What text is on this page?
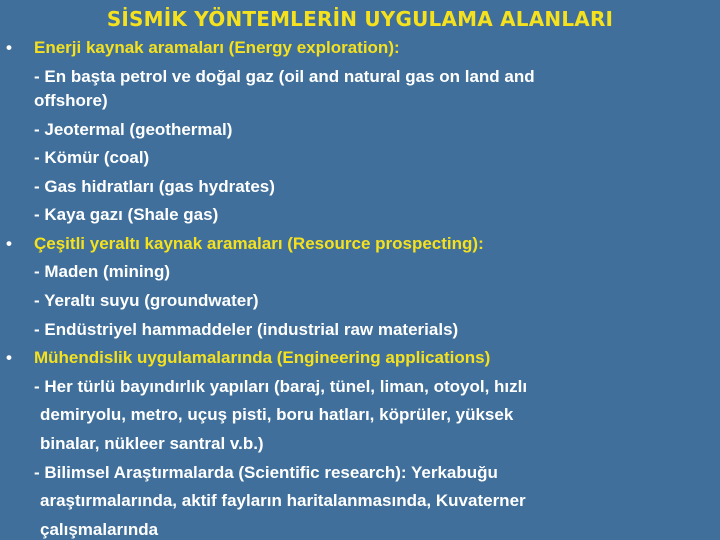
SİSMİK YÖNTEMLERİN UYGULAMA ALANLARI
• Enerji kaynak aramaları (Energy exploration):
- En başta petrol ve doğal gaz (oil and natural gas on land and
offshore)
- Jeotermal (geothermal)
- Kömür (coal)
- Gas hidratları (gas hydrates)
- Kaya gazı (Shale gas)
• Çeşitli yeraltı kaynak aramaları (Resource prospecting):
- Maden (mining)
- Yeraltı suyu (groundwater)
- Endüstriyel hammaddeler (industrial raw materials)
• Mühendislik uygulamalarında (Engineering applications)
- Her türlü bayındırlık yapıları (baraj, tünel, liman, otoyol, hızlı
demiryolu, metro, uçuş pisti, boru hatları, köprüler, yüksek
binalar, nükleer santral v.b.)
- Bilimsel Araştırmalarda (Scientific research): Yerkabuğu
araştırmalarında, aktif fayların haritalanmasında, Kuvaterner
çalışmalarında
